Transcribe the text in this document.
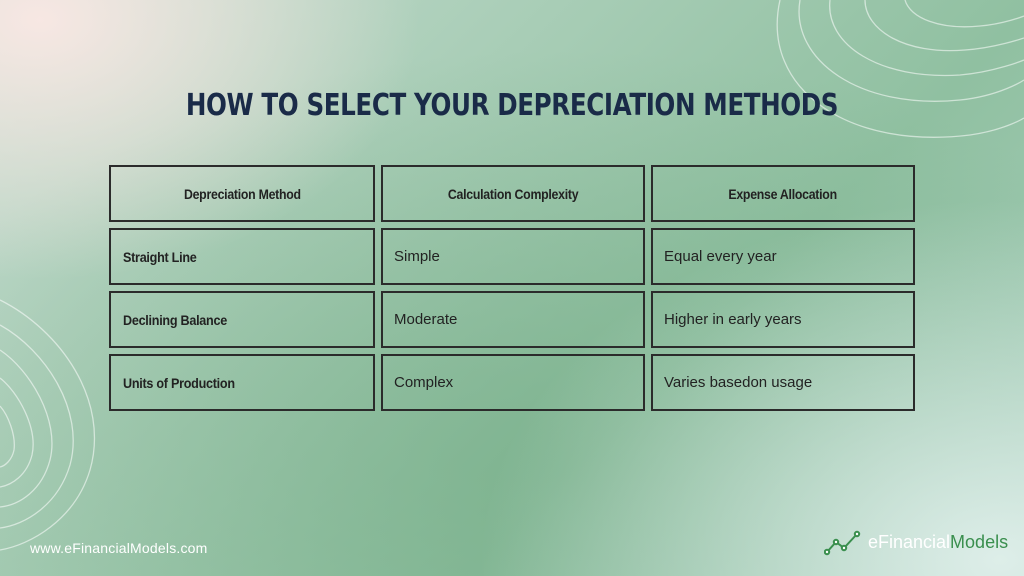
HOW TO SELECT YOUR DEPRECIATION METHODS
Depreciation Method	Calculation Complexity	Expense Allocation
Straight Line	Simple	Equal every year
Declining Balance	Moderate	Higher in early years
Units of Production	Complex	Varies basedon usage
www.eFinancialModels.com	eFinancialModels
